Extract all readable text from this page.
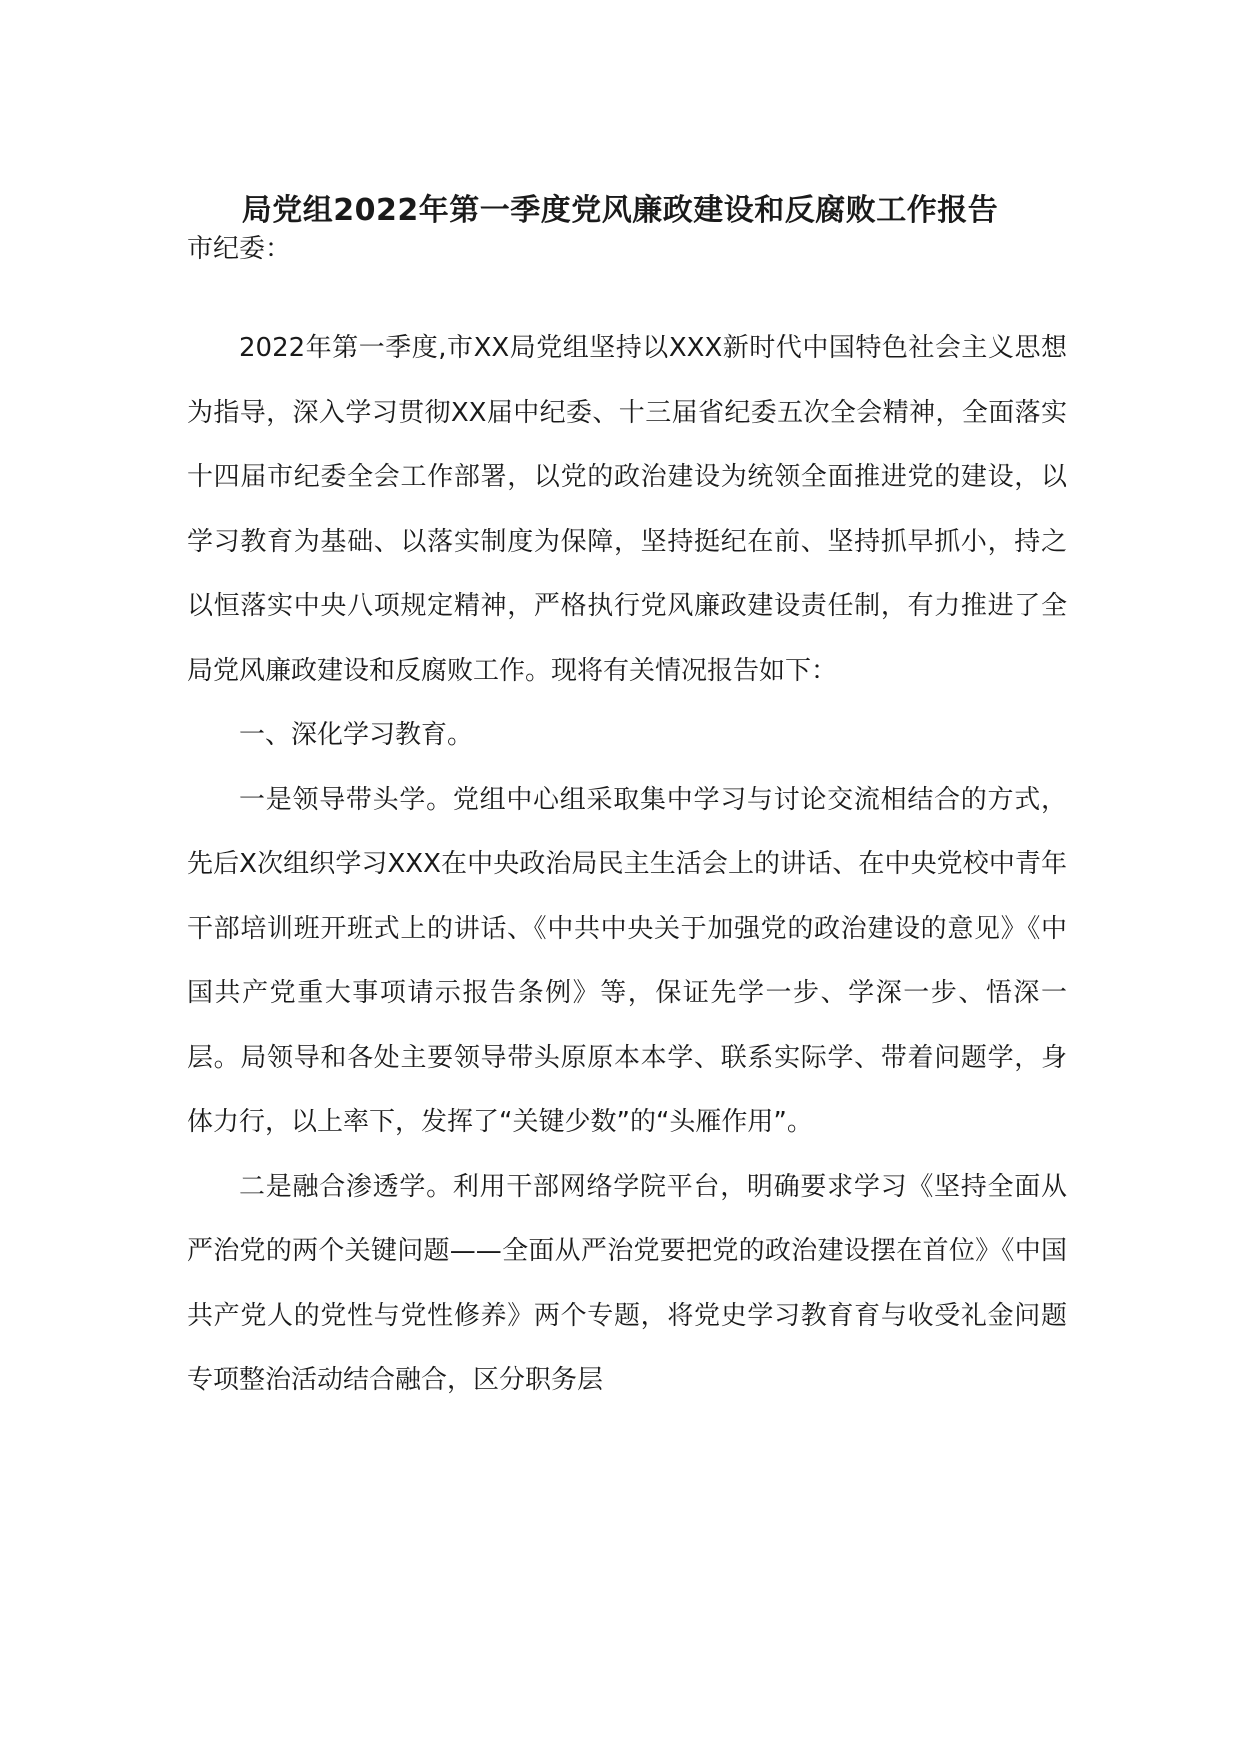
局党组2022年第一季度党风廉政建设和反腐败工作报告

市纪委：

2022年第一季度,市XX局党组坚持以XXX新时代中国特色社会主义思想为指导，深入学习贯彻XX届中纪委、十三届省纪委五次全会精神，全面落实十四届市纪委全会工作部署，以党的政治建设为统领全面推进党的建设，以学习教育为基础、以落实制度为保障，坚持挺纪在前、坚持抓早抓小，持之以恒落实中央八项规定精神，严格执行党风廉政建设责任制，有力推进了全局党风廉政建设和反腐败工作。现将有关情况报告如下：

一、深化学习教育。

一是领导带头学。党组中心组采取集中学习与讨论交流相结合的方式，先后X次组织学习XXX在中央政治局民主生活会上的讲话、在中央党校中青年干部培训班开班式上的讲话、《中共中央关于加强党的政治建设的意见》《中国共产党重大事项请示报告条例》等，保证先学一步、学深一步、悟深一层。局领导和各处主要领导带头原原本本学、联系实际学、带着问题学，身体力行，以上率下，发挥了“关键少数”的“头雁作用”。

二是融合渗透学。利用干部网络学院平台，明确要求学习《坚持全面从严治党的两个关键问题——全面从严治党要把党的政治建设摆在首位》《中国共产党人的党性与党性修养》两个专题，将党史学习教育育与收受礼金问题专项整治活动结合融合，区分职务层
